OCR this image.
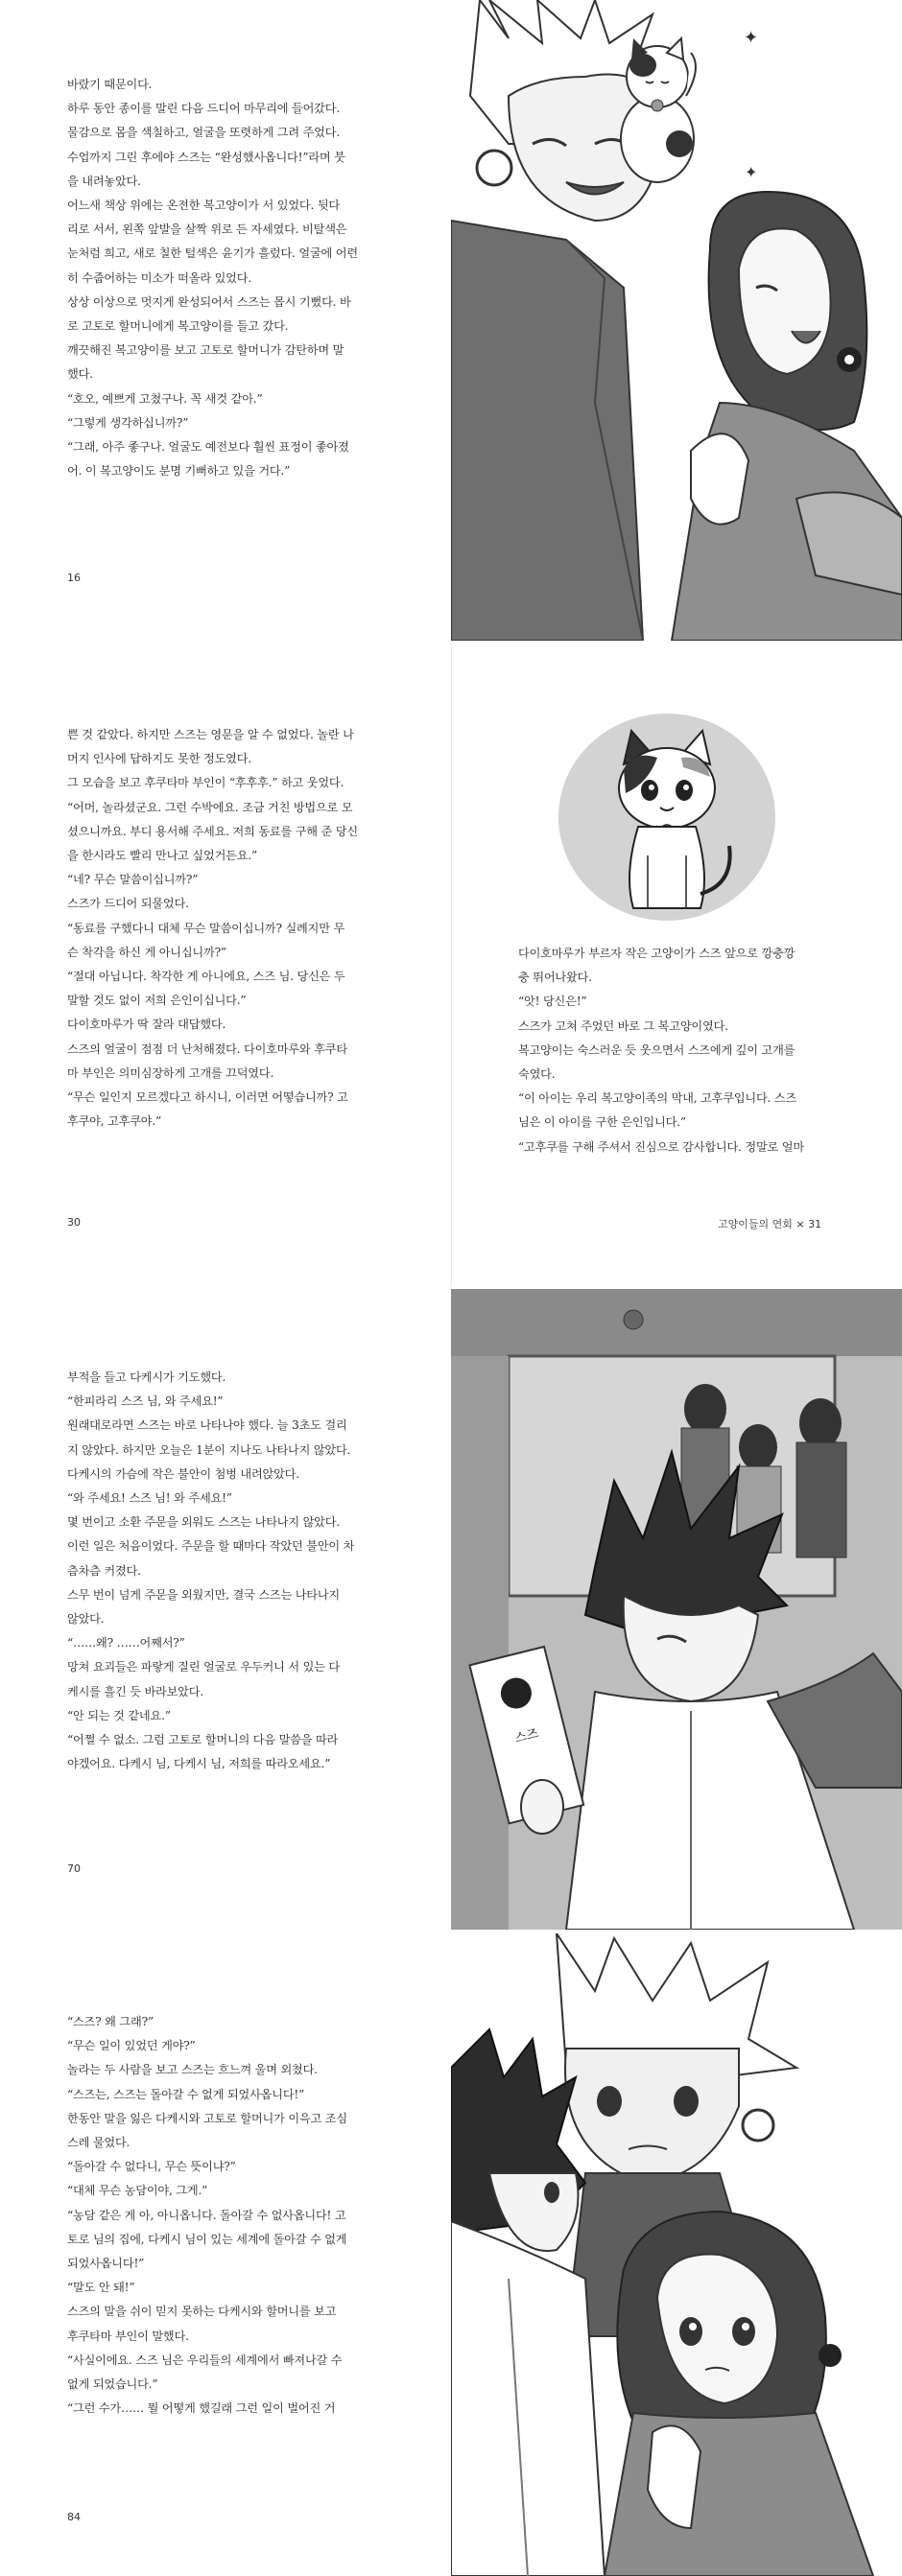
바랐기 때문이다.

하루 동안 종이를 말린 다음 드디어 마무리에 들어갔다.

물감으로 몸을 색칠하고, 얼굴을 또렷하게 그려 주었다.

수업까지 그린 후에야 스즈는 “완성했사옵니다!”라며 붓

을 내려놓았다.

어느새 책상 위에는 온전한 복고양이가 서 있었다. 뒷다

리로 서서, 왼쪽 앞발을 살짝 위로 든 자세였다. 비탈색은

눈처럼 희고, 새로 칠한 털색은 윤기가 흘렀다. 얼굴에 어련

히 수줍어하는 미소가 떠올라 있었다.

상상 이상으로 멋지게 완성되어서 스즈는 몹시 기뻤다. 바

로 고토로 할머니에게 복고양이를 들고 갔다.

깨끗해진 복고양이를 보고 고토로 할머니가 감탄하며 말

했다.

“호오, 예쁘게 고쳤구나. 꼭 새것 같아.”

“그렇게 생각하십니까?”

“그래, 아주 좋구나. 얼굴도 예전보다 훨씬 표정이 좋아졌

어. 이 복고양이도 분명 기뻐하고 있을 거다.”

16
✦
✦

쁜 것 같았다. 하지만 스즈는 영문을 알 수 없었다. 놀란 나

머지 인사에 답하지도 못한 정도였다.

그 모습을 보고 후쿠타마 부인이 “후후후.” 하고 웃었다.

“어머, 놀라셨군요. 그런 수박에요. 조금 거친 방법으로 모

셨으니까요. 부디 용서해 주세요. 저희 동료를 구해 준 당신

을 한시라도 빨리 만나고 싶었거든요.”

“네? 무슨 말씀이십니까?”

스즈가 드디어 되물었다.

“동료를 구했다니 대체 무슨 말씀이십니까? 실례지만 무

슨 착각을 하신 게 아니십니까?”

“절대 아닙니다. 착각한 게 아니에요, 스즈 님. 당신은 두

말할 것도 없이 저희 은인이십니다.”

다이호마루가 딱 잘라 대답했다.

스즈의 얼굴이 점점 더 난처해졌다. 다이호마루와 후쿠타

마 부인은 의미심장하게 고개를 끄덕였다.

“무슨 일인지 모르겠다고 하시니, 이러면 어떻습니까? 고

후쿠야, 고후쿠야.”

30

다이호마루가 부르자 작은 고양이가 스즈 앞으로 깡충깡

충 뛰어나왔다.

“앗! 당신은!”

스즈가 고쳐 주었던 바로 그 복고양이였다.

복고양이는 숙스러운 듯 웃으면서 스즈에게 깊이 고개를

숙였다.

“이 아이는 우리 복고양이족의 막내, 고후쿠입니다. 스즈

님은 이 아이를 구한 은인입니다.”

“고후쿠를 구해 주셔서 진심으로 감사합니다. 정말로 얼마

고양이들의 연회 × 31

부적을 들고 다케시가 기도했다.

“한피라리 스즈 님, 와 주세요!”

원래대로라면 스즈는 바로 나타나야 했다. 늘 3초도 걸리

지 않았다. 하지만 오늘은 1분이 지나도 나타나지 않았다.

다케시의 가슴에 작은 불안이 첨벙 내려앉았다.

“와 주세요! 스즈 님! 와 주세요!”

몇 번이고 소환 주문을 외워도 스즈는 나타나지 않았다.

이런 일은 처음이었다. 주문을 할 때마다 작았던 불안이 차

츰차츰 커졌다.

스무 번이 넘게 주문을 외웠지만, 결국 스즈는 나타나지

않았다.

“……왜? ……어째서?”

망쳐 요괴들은 파랗게 질린 얼굴로 우두커니 서 있는 다

케시를 흘긴 듯 바라보았다.

“안 되는 것 같네요.”

“어쩔 수 없소. 그럼 고토로 할머니의 다음 말씀을 따라

야겠어요. 다케시 님, 다케시 님, 저희를 따라오세요.”

70
스즈

“스즈? 왜 그래?”

“무슨 일이 있었던 게야?”

놀라는 두 사람을 보고 스즈는 흐느껴 울며 외쳤다.

“스즈는, 스즈는 돌아갈 수 없게 되었사옵니다!”

한동안 말을 잃은 다케시와 고토로 할머니가 이윽고 조심

스레 물었다.

“돌아갈 수 없다니, 무슨 뜻이냐?”

“대체 무슨 농담이야, 그게.”

“농담 같은 게 아, 아니옵니다. 돌아갈 수 없사옵니다! 고

토로 님의 집에, 다케시 님이 있는 세계에 돌아갈 수 없게

되었사옵니다!”

“말도 안 돼!”

스즈의 말을 쉬이 믿지 못하는 다케시와 할머니를 보고

후쿠타마 부인이 말했다.

“사실이에요. 스즈 님은 우리들의 세계에서 빠져나갈 수

없게 되었습니다.”

“그런 수가…… 뭘 어떻게 했길래 그런 일이 벌어진 거

84
